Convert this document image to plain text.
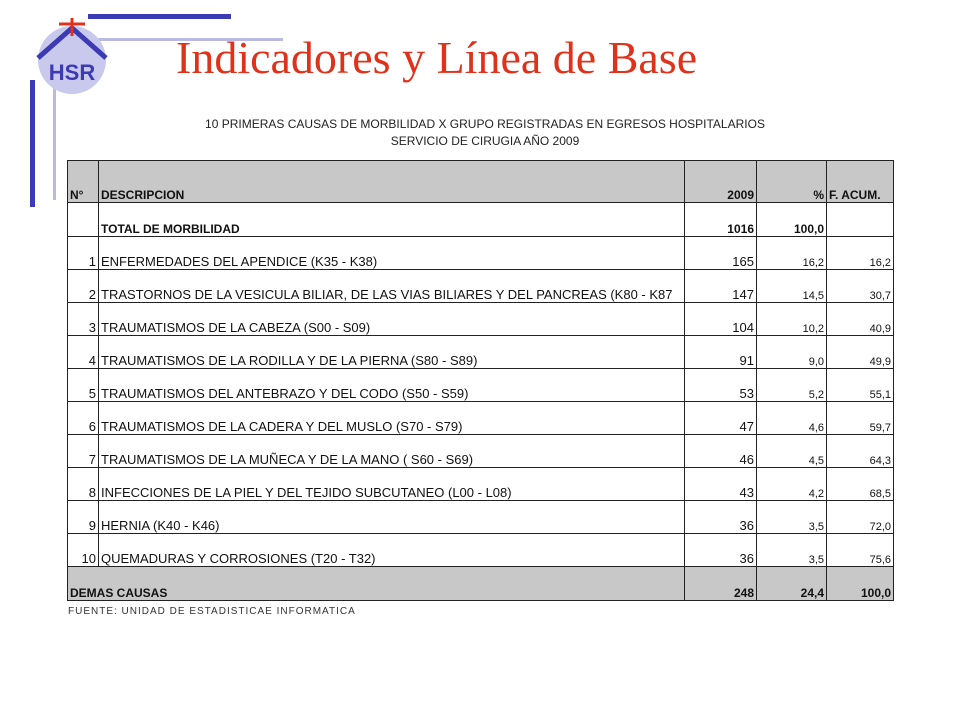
HSR Indicadores y Línea de Base
10 PRIMERAS CAUSAS DE MORBILIDAD X GRUPO REGISTRADAS EN EGRESOS HOSPITALARIOS
SERVICIO DE CIRUGIA AÑO 2009
N°	DESCRIPCION	2009	%	F. ACUM.
	TOTAL DE MORBILIDAD	1016	100,0	
1	ENFERMEDADES DEL APENDICE (K35 - K38)	165	16,2	16,2
2	TRASTORNOS DE LA VESICULA BILIAR, DE LAS VIAS BILIARES Y DEL PANCREAS (K80 - K87	147	14,5	30,7
3	TRAUMATISMOS DE LA CABEZA (S00 - S09)	104	10,2	40,9
4	TRAUMATISMOS DE LA RODILLA Y DE LA PIERNA (S80 - S89)	91	9,0	49,9
5	TRAUMATISMOS DEL ANTEBRAZO Y DEL CODO (S50 - S59)	53	5,2	55,1
6	TRAUMATISMOS DE LA CADERA Y DEL MUSLO (S70 - S79)	47	4,6	59,7
7	TRAUMATISMOS DE LA MUÑECA Y DE LA MANO ( S60 - S69)	46	4,5	64,3
8	INFECCIONES DE LA PIEL Y DEL TEJIDO SUBCUTANEO (L00 - L08)	43	4,2	68,5
9	HERNIA (K40 - K46)	36	3,5	72,0
10	QUEMADURAS Y CORROSIONES (T20 - T32)	36	3,5	75,6
DEMAS CAUSAS		248	24,4	100,0
FUENTE: UNIDAD DE ESTADISTICAE INFORMATICA
